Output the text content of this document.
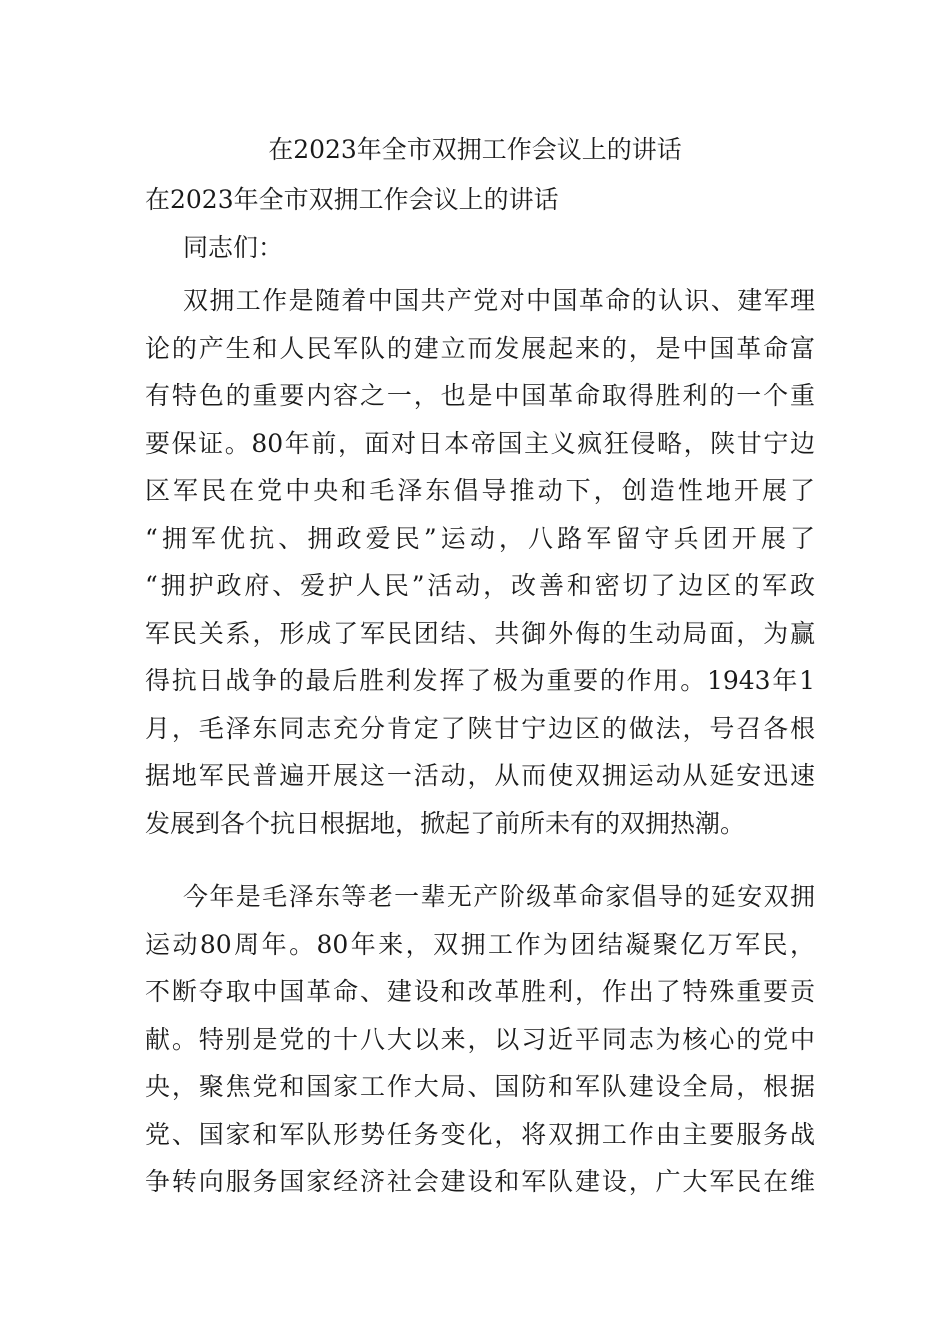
在2023年全市双拥工作会议上的讲话
在2023年全市双拥工作会议上的讲话
同志们：
双拥工作是随着中国共产党对中国革命的认识、建军理
论的产生和人民军队的建立而发展起来的，是中国革命富
有特色的重要内容之一，也是中国革命取得胜利的一个重
要保证。80年前，面对日本帝国主义疯狂侵略，陕甘宁边
区军民在党中央和毛泽东倡导推动下，创造性地开展了
“拥军优抗、拥政爱民”运动，八路军留守兵团开展了
“拥护政府、爱护人民”活动，改善和密切了边区的军政
军民关系，形成了军民团结、共御外侮的生动局面，为赢
得抗日战争的最后胜利发挥了极为重要的作用。1943年1
月，毛泽东同志充分肯定了陕甘宁边区的做法，号召各根
据地军民普遍开展这一活动，从而使双拥运动从延安迅速
发展到各个抗日根据地，掀起了前所未有的双拥热潮。
今年是毛泽东等老一辈无产阶级革命家倡导的延安双拥
运动80周年。80年来，双拥工作为团结凝聚亿万军民，
不断夺取中国革命、建设和改革胜利，作出了特殊重要贡
献。特别是党的十八大以来，以习近平同志为核心的党中
央，聚焦党和国家工作大局、国防和军队建设全局，根据
党、国家和军队形势任务变化，将双拥工作由主要服务战
争转向服务国家经济社会建设和军队建设，广大军民在维
